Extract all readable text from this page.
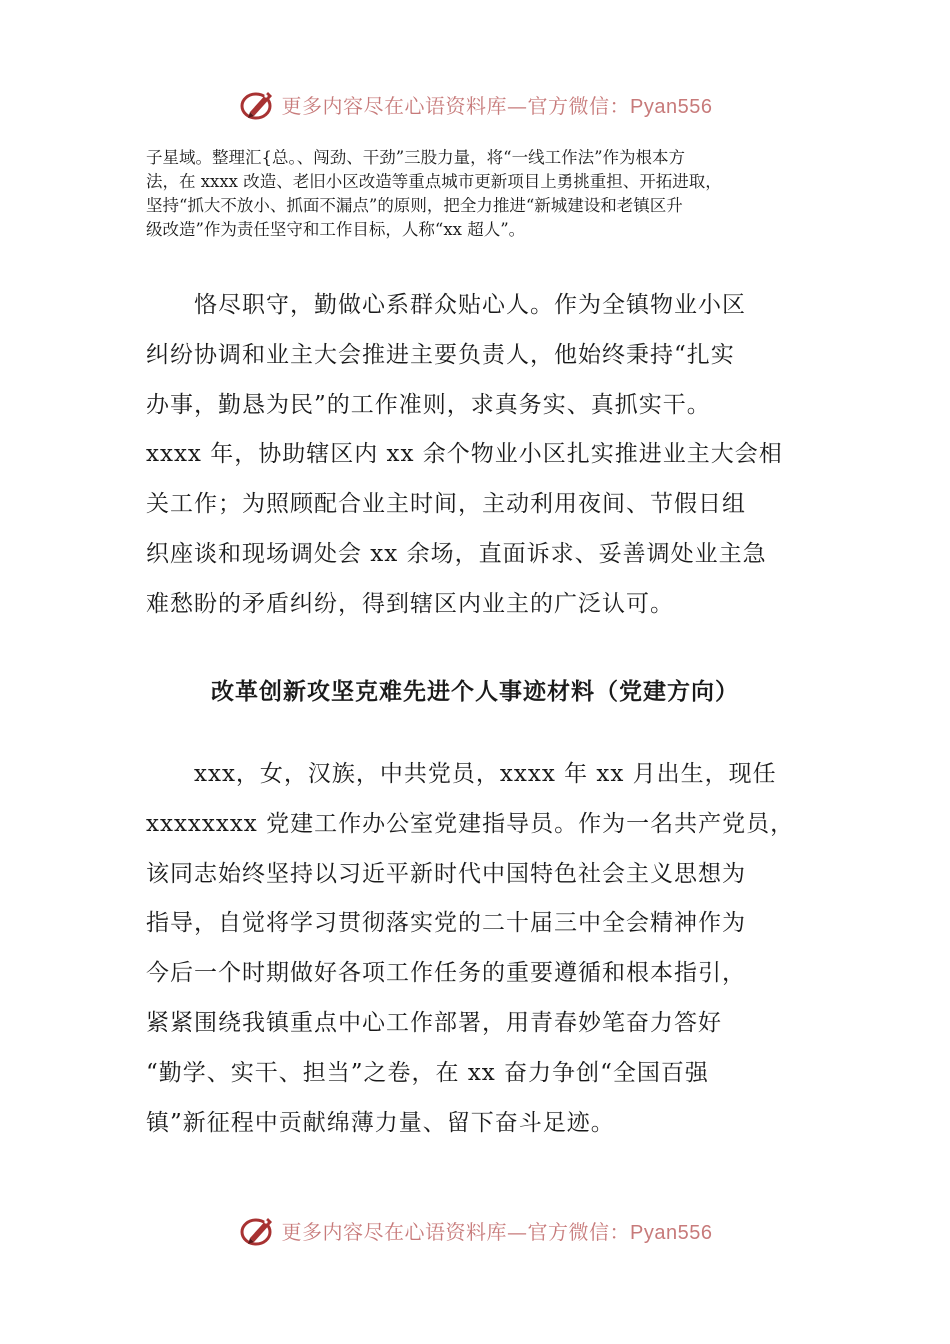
更多内容尽在心语资料库—官方微信：Pyan556

子星域。整理汇{总。、闯劲、干劲”三股力量，将“一线工作法”作为根本方
法，在 xxxx 改造、老旧小区改造等重点城市更新项目上勇挑重担、开拓进取，
坚持“抓大不放小、抓面不漏点”的原则，把全力推进“新城建设和老镇区升
级改造”作为责任坚守和工作目标，人称“xx 超人”。

　　恪尽职守，勤做心系群众贴心人。作为全镇物业小区
纠纷协调和业主大会推进主要负责人，他始终秉持“扎实
办事，勤恳为民”的工作准则，求真务实、真抓实干。
xxxx 年，协助辖区内 xx 余个物业小区扎实推进业主大会相
关工作；为照顾配合业主时间，主动利用夜间、节假日组
织座谈和现场调处会 xx 余场，直面诉求、妥善调处业主急
难愁盼的矛盾纠纷，得到辖区内业主的广泛认可。

改革创新攻坚克难先进个人事迹材料（党建方向）

　　xxx，女，汉族，中共党员，xxxx 年 xx 月出生，现任
xxxxxxxx 党建工作办公室党建指导员。作为一名共产党员，
该同志始终坚持以习近平新时代中国特色社会主义思想为
指导，自觉将学习贯彻落实党的二十届三中全会精神作为
今后一个时期做好各项工作任务的重要遵循和根本指引，
紧紧围绕我镇重点中心工作部署，用青春妙笔奋力答好
“勤学、实干、担当”之卷，在 xx 奋力争创“全国百强
镇”新征程中贡献绵薄力量、留下奋斗足迹。

更多内容尽在心语资料库—官方微信：Pyan556
